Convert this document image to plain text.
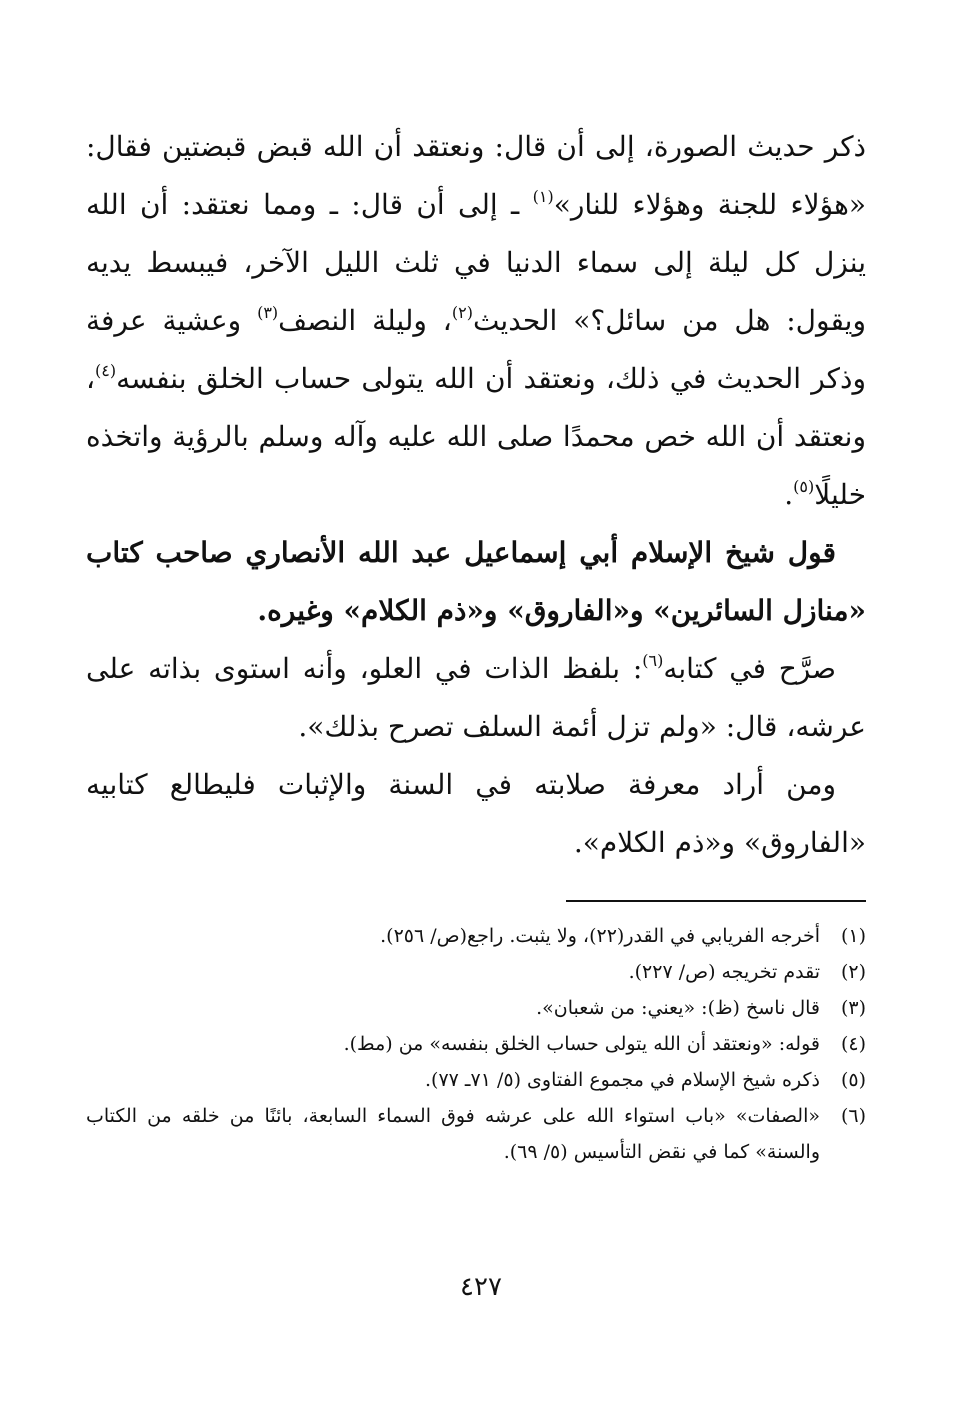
ذكر حديث الصورة، إلى أن قال: ونعتقد أن الله قبض قبضتين فقال: «هؤلاء للجنة وهؤلاء للنار»$^{(١)}$ ـ إلى أن قال: ـ ومما نعتقد: أن الله ينزل كل ليلة إلى سماء الدنيا في ثلث الليل الآخر، فيبسط يديه ويقول: هل من سائل؟» الحديث$^{(٢)}$، وليلة النصف$^{(٣)}$ وعشية عرفة وذكر الحديث في ذلك، ونعتقد أن الله يتولى حساب الخلق بنفسه$^{(٤)}$، ونعتقد أن الله خص محمدًا صلى الله عليه وآله وسلم بالرؤية واتخذه خليلًا$^{(٥)}$.

قول شيخ الإسلام أبي إسماعيل عبد الله الأنصاري صاحب كتاب «منازل السائرين» و«الفاروق» و«ذم الكلام» وغيره.

صرَّح في كتابه$^{(٦)}$: بلفظ الذات في العلو، وأنه استوى بذاته على عرشه، قال: «ولم تزل أئمة السلف تصرح بذلك».

ومن أراد معرفة صلابته في السنة والإثبات فليطالع كتابيه «الفاروق» و«ذم الكلام».

(١)
أخرجه الفريابي في القدر(٢٢)، ولا يثبت. راجع(ص/ ٢٥٦).
(٢)
تقدم تخريجه (ص/ ٢٢٧).
(٣)
قال ناسخ (ظ): «يعني: من شعبان».
(٤)
قوله: «ونعتقد أن الله يتولى حساب الخلق بنفسه» من (مط).
(٥)
ذكره شيخ الإسلام في مجموع الفتاوى (٥/ ٧١ـ ٧٧).
(٦)
«الصفات» «باب استواء الله على عرشه فوق السماء السابعة، بائنًا من خلقه من الكتاب والسنة» كما في نقض التأسيس (٥/ ٦٩).
٤٢٧
